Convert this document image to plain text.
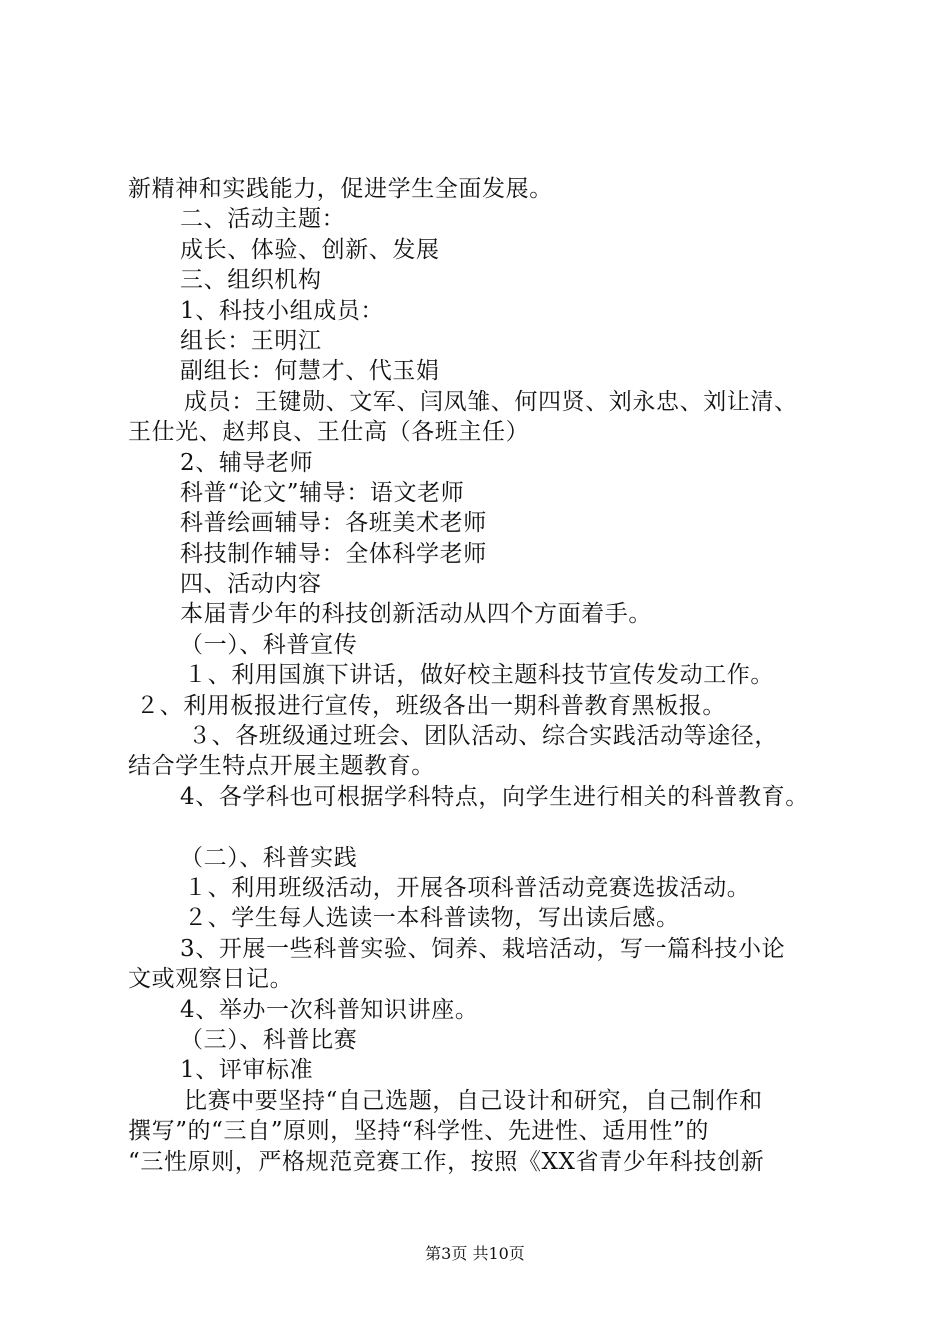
新精神和实践能力，促进学生全面发展。
二、活动主题：
成长、体验、创新、发展
三、组织机构
1、科技小组成员：
组长：王明江
副组长：何慧才、代玉娟
成员：王键勋、文军、闫凤雏、何四贤、刘永忠、刘让清、
王仕光、赵邦良、王仕高（各班主任）
2、辅导老师
科普“论文”辅导：语文老师
科普绘画辅导：各班美术老师
科技制作辅导：全体科学老师
四、活动内容
本届青少年的科技创新活动从四个方面着手。
（一）、科普宣传
１、利用国旗下讲话，做好校主题科技节宣传发动工作。
２、利用板报进行宣传，班级各出一期科普教育黑板报。
３、各班级通过班会、团队活动、综合实践活动等途径，
结合学生特点开展主题教育。
4、各学科也可根据学科特点，向学生进行相关的科普教育。
（二）、科普实践
１、利用班级活动，开展各项科普活动竞赛选拔活动。
２、学生每人选读一本科普读物，写出读后感。
3、开展一些科普实验、饲养、栽培活动，写一篇科技小论
文或观察日记。
4、举办一次科普知识讲座。
（三）、科普比赛
1、评审标准
比赛中要坚持“自己选题，自己设计和研究，自己制作和
撰写”的“三自”原则，坚持“科学性、先进性、适用性”的
“三性原则，严格规范竞赛工作，按照《XX省青少年科技创新
第3页 共10页
